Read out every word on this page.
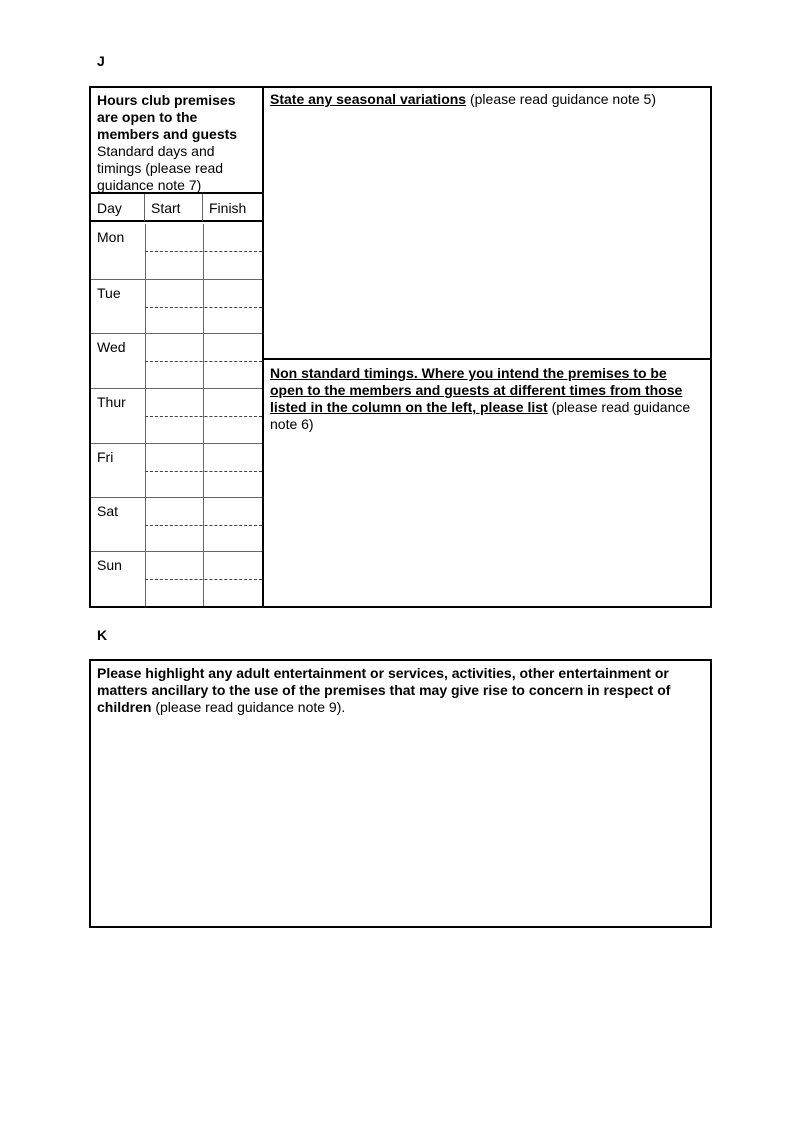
J
Hours club premises are open to the members and guests
Standard days and timings (please read guidance note 7)
Day	Start	Finish
Mon
Tue
Wed
Thur
Fri
Sat
Sun
State any seasonal variations (please read guidance note 5)
Non standard timings. Where you intend the premises to be open to the members and guests at different times from those listed in the column on the left, please list (please read guidance note 6)
K
Please highlight any adult entertainment or services, activities, other entertainment or matters ancillary to the use of the premises that may give rise to concern in respect of children (please read guidance note 9).
